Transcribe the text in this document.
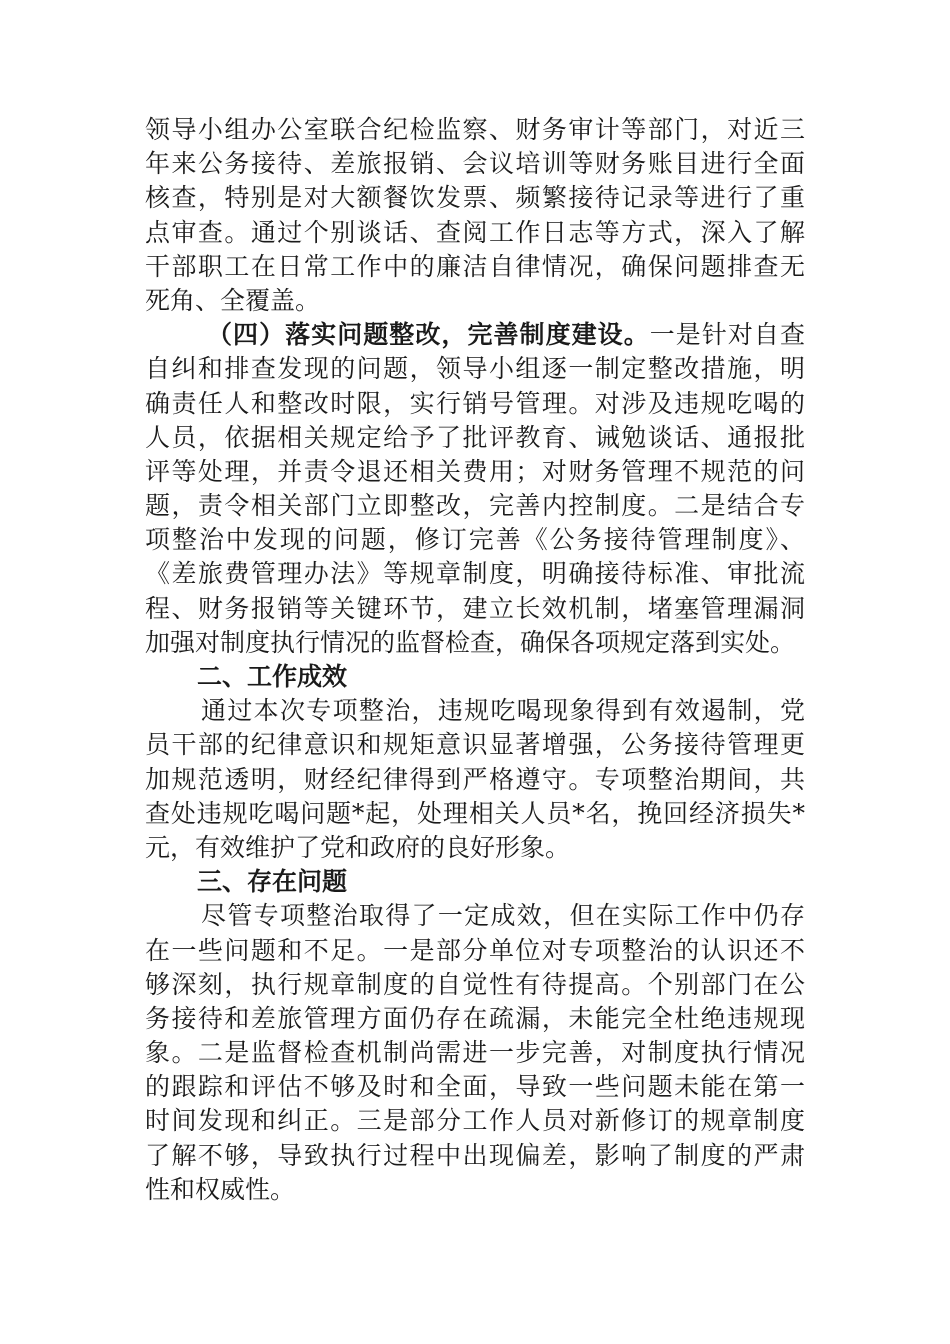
领导小组办公室联合纪检监察、财务审计等部门，对近三
年来公务接待、差旅报销、会议培训等财务账目进行全面
核查，特别是对大额餐饮发票、频繁接待记录等进行了重
点审查。通过个别谈话、查阅工作日志等方式，深入了解
干部职工在日常工作中的廉洁自律情况，确保问题排查无
死角、全覆盖。
（四）落实问题整改，完善制度建设。一是针对自查
自纠和排查发现的问题，领导小组逐一制定整改措施，明
确责任人和整改时限，实行销号管理。对涉及违规吃喝的
人员，依据相关规定给予了批评教育、诫勉谈话、通报批
评等处理，并责令退还相关费用；对财务管理不规范的问
题，责令相关部门立即整改，完善内控制度。二是结合专
项整治中发现的问题，修订完善《公务接待管理制度》、
《差旅费管理办法》等规章制度，明确接待标准、审批流
程、财务报销等关键环节，建立长效机制，堵塞管理漏洞
加强对制度执行情况的监督检查，确保各项规定落到实处。
二、工作成效
通过本次专项整治，违规吃喝现象得到有效遏制，党
员干部的纪律意识和规矩意识显著增强，公务接待管理更
加规范透明，财经纪律得到严格遵守。专项整治期间，共
查处违规吃喝问题*起，处理相关人员*名，挽回经济损失*
元，有效维护了党和政府的良好形象。
三、存在问题
尽管专项整治取得了一定成效，但在实际工作中仍存
在一些问题和不足。一是部分单位对专项整治的认识还不
够深刻，执行规章制度的自觉性有待提高。个别部门在公
务接待和差旅管理方面仍存在疏漏，未能完全杜绝违规现
象。二是监督检查机制尚需进一步完善，对制度执行情况
的跟踪和评估不够及时和全面，导致一些问题未能在第一
时间发现和纠正。三是部分工作人员对新修订的规章制度
了解不够，导致执行过程中出现偏差，影响了制度的严肃
性和权威性。
